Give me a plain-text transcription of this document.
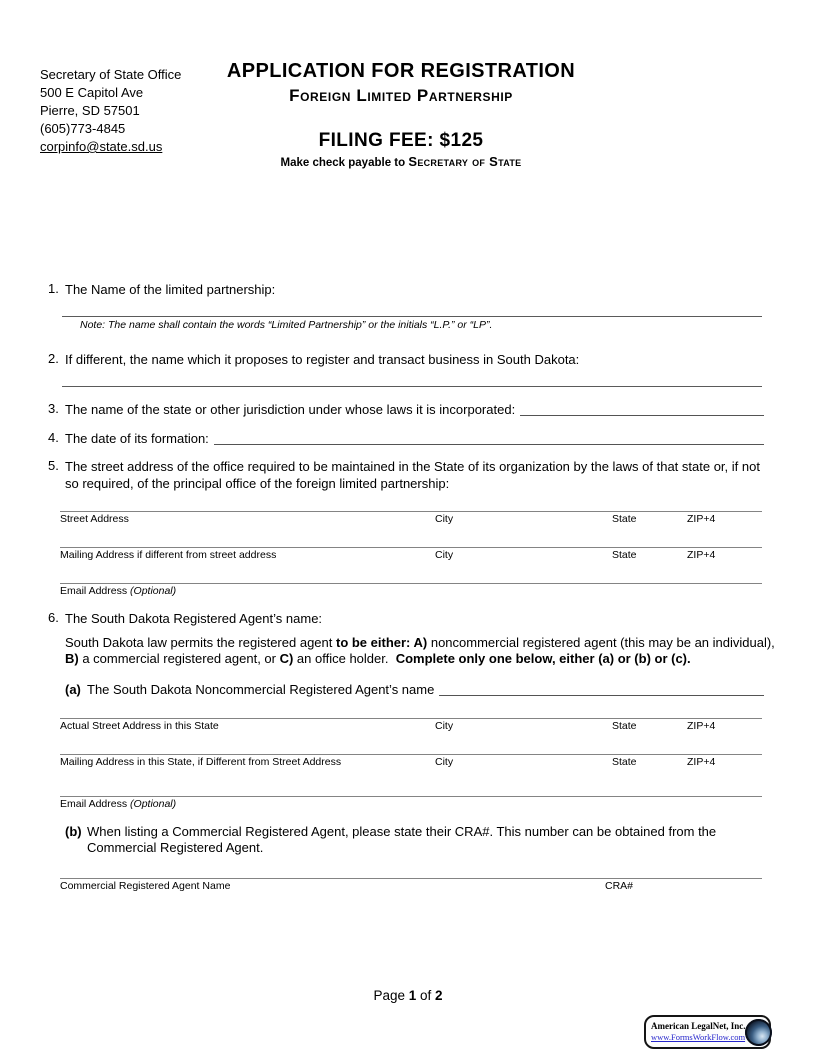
Secretary of State Office
500 E Capitol Ave
Pierre, SD 57501
(605)773-4845
corpinfo@state.sd.us
APPLICATION FOR REGISTRATION
Foreign Limited Partnership
FILING FEE: $125
Make check payable to Secretary of State
1. The Name of the limited partnership:
Note: The name shall contain the words “Limited Partnership” or the initials “L.P.” or “LP”.
2. If different, the name which it proposes to register and transact business in South Dakota:
3. The name of the state or other jurisdiction under whose laws it is incorporated:
4. The date of its formation:
5. The street address of the office required to be maintained in the State of its organization by the laws of that state or, if not so required, of the principal office of the foreign limited partnership:
Street Address	City	State	ZIP+4
Mailing Address if different from street address	City	State	ZIP+4
Email Address (Optional)
6. The South Dakota Registered Agent’s name:
South Dakota law permits the registered agent to be either: A) noncommercial registered agent (this may be an individual), B) a commercial registered agent, or C) an office holder.  Complete only one below, either (a) or (b) or (c).
(a) The South Dakota Noncommercial Registered Agent’s name
Actual Street Address in this State	City	State	ZIP+4
Mailing Address in this State, if Different from Street Address	City	State	ZIP+4
Email Address (Optional)
(b) When listing a Commercial Registered Agent, please state their CRA#. This number can be obtained from the Commercial Registered Agent.
Commercial Registered Agent Name	CRA#
Page 1 of 2
American LegalNet, Inc.
www.FormsWorkFlow.com
